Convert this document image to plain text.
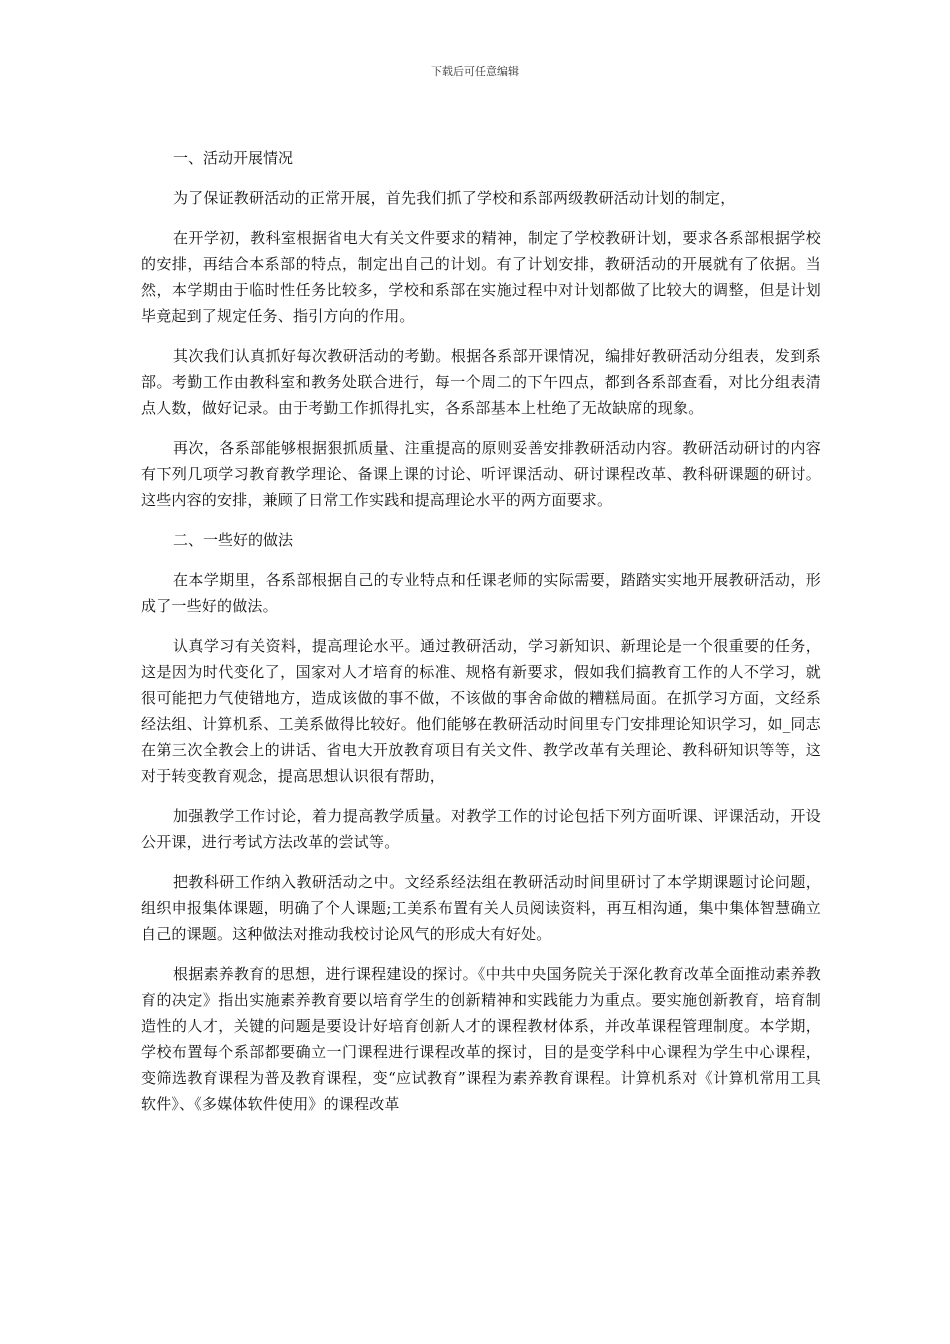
下载后可任意编辑

一、活动开展情况

为了保证教研活动的正常开展，首先我们抓了学校和系部两级教研活动计划的制定，

在开学初，教科室根据省电大有关文件要求的精神，制定了学校教研计划，要求各系部根据学校的安排，再结合本系部的特点，制定出自己的计划。有了计划安排，教研活动的开展就有了依据。当然，本学期由于临时性任务比较多，学校和系部在实施过程中对计划都做了比较大的调整，但是计划毕竟起到了规定任务、指引方向的作用。

其次我们认真抓好每次教研活动的考勤。根据各系部开课情况，编排好教研活动分组表，发到系部。考勤工作由教科室和教务处联合进行，每一个周二的下午四点，都到各系部查看，对比分组表清点人数，做好记录。由于考勤工作抓得扎实，各系部基本上杜绝了无故缺席的现象。

再次，各系部能够根据狠抓质量、注重提高的原则妥善安排教研活动内容。教研活动研讨的内容有下列几项学习教育教学理论、备课上课的讨论、听评课活动、研讨课程改革、教科研课题的研讨。这些内容的安排，兼顾了日常工作实践和提高理论水平的两方面要求。

二、一些好的做法

在本学期里，各系部根据自己的专业特点和任课老师的实际需要，踏踏实实地开展教研活动，形成了一些好的做法。

认真学习有关资料，提高理论水平。通过教研活动，学习新知识、新理论是一个很重要的任务，这是因为时代变化了，国家对人才培育的标准、规格有新要求，假如我们搞教育工作的人不学习，就很可能把力气使错地方，造成该做的事不做，不该做的事舍命做的糟糕局面。在抓学习方面，文经系经法组、计算机系、工美系做得比较好。他们能够在教研活动时间里专门安排理论知识学习，如_同志在第三次全教会上的讲话、省电大开放教育项目有关文件、教学改革有关理论、教科研知识等等，这对于转变教育观念，提高思想认识很有帮助，

加强教学工作讨论，着力提高教学质量。对教学工作的讨论包括下列方面听课、评课活动，开设公开课，进行考试方法改革的尝试等。

把教科研工作纳入教研活动之中。文经系经法组在教研活动时间里研讨了本学期课题讨论问题，组织申报集体课题，明确了个人课题;工美系布置有关人员阅读资料，再互相沟通，集中集体智慧确立自己的课题。这种做法对推动我校讨论风气的形成大有好处。

根据素养教育的思想，进行课程建设的探讨。《中共中央国务院关于深化教育改革全面推动素养教育的决定》指出实施素养教育要以培育学生的创新精神和实践能力为重点。要实施创新教育，培育制造性的人才，关键的问题是要设计好培育创新人才的课程教材体系，并改革课程管理制度。本学期，学校布置每个系部都要确立一门课程进行课程改革的探讨，目的是变学科中心课程为学生中心课程，变筛选教育课程为普及教育课程，变“应试教育”课程为素养教育课程。计算机系对《计算机常用工具软件》、《多媒体软件使用》的课程改革
